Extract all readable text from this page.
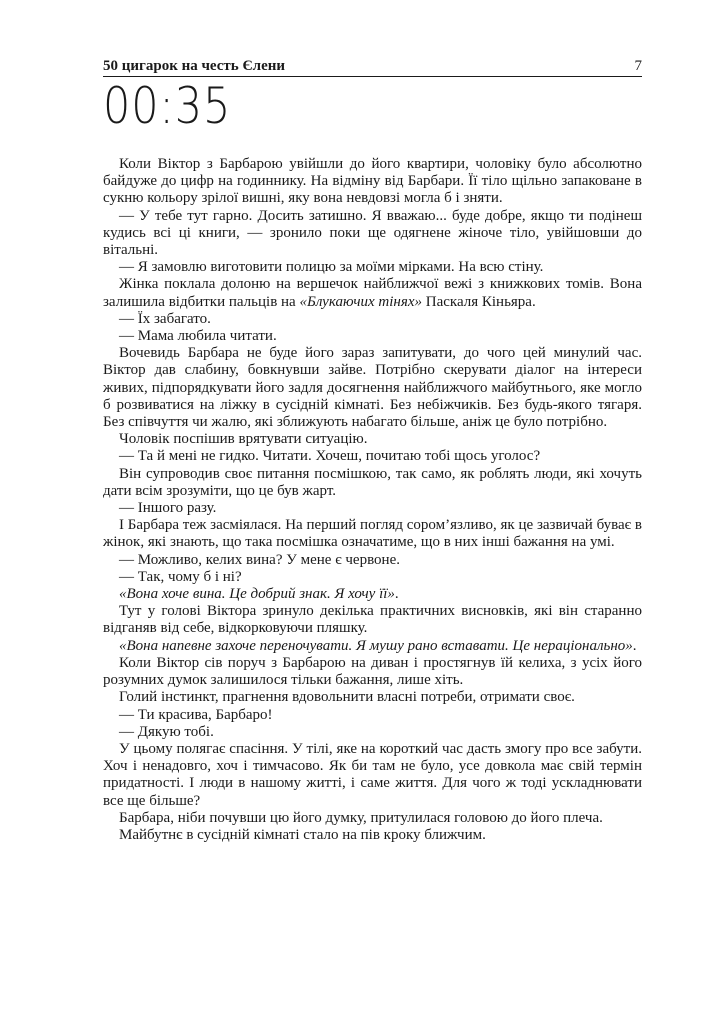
50 цигарок на честь Єлени	7
00:35

Коли Віктор з Барбарою увійшли до його квартири, чоловіку було абсолютно байдуже до цифр на годиннику. На відміну від Барбари. Її тіло щільно запаковане в сукню кольору зрілої вишні, яку вона невдовзі могла б і зняти.

— У тебе тут гарно. Досить затишно. Я вважаю... буде добре, якщо ти подінеш кудись всі ці книги, — зронило поки ще одягнене жіноче тіло, увійшовши до вітальні.

— Я замовлю виготовити полицю за моїми мірками. На всю стіну.

Жінка поклала долоню на вершечок найближчої вежі з книжкових томів. Вона залишила відбитки пальців на «Блукаючих тінях» Паскаля Кіньяра.

— Їх забагато.

— Мама любила читати.

Вочевидь Барбара не буде його зараз запитувати, до чого цей минулий час. Віктор дав слабину, бовкнувши зайве. Потрібно скерувати діалог на інтереси живих, підпорядкувати його задля досягнення найближчого майбутнього, яке могло б розвиватися на ліжку в сусідній кімнаті. Без небіжчиків. Без будь-якого тягаря. Без співчуття чи жалю, які зближують набагато більше, аніж це було потрібно.

Чоловік поспішив врятувати ситуацію.

— Та й мені не гидко. Читати. Хочеш, почитаю тобі щось уголос?

Він супроводив своє питання посмішкою, так само, як роблять люди, які хочуть дати всім зрозуміти, що це був жарт.

— Іншого разу.

І Барбара теж засміялася. На перший погляд сором’язливо, як це зазвичай буває в жінок, які знають, що така посмішка означатиме, що в них інші бажання на умі.

— Можливо, келих вина? У мене є червоне.

— Так, чому б і ні?

«Вона хоче вина. Це добрий знак. Я хочу її».

Тут у голові Віктора зринуло декілька практичних висновків, які він старанно відганяв від себе, відкорковуючи пляшку.

«Вона напевне захоче переночувати. Я мушу рано вставати. Це нераціонально».

Коли Віктор сів поруч з Барбарою на диван і простягнув їй келиха, з усіх його розумних думок залишилося тільки бажання, лише хіть.

Голий інстинкт, прагнення вдовольнити власні потреби, отримати своє.

— Ти красива, Барбаро!

— Дякую тобі.

У цьому полягає спасіння. У тілі, яке на короткий час дасть змогу про все забути. Хоч і ненадовго, хоч і тимчасово. Як би там не було, усе довкола має свій термін придатності. І люди в нашому житті, і саме життя. Для чого ж тоді ускладнювати все ще більше?

Барбара, ніби почувши цю його думку, притулилася головою до його плеча.

Майбутнє в сусідній кімнаті стало на пів кроку ближчим.
